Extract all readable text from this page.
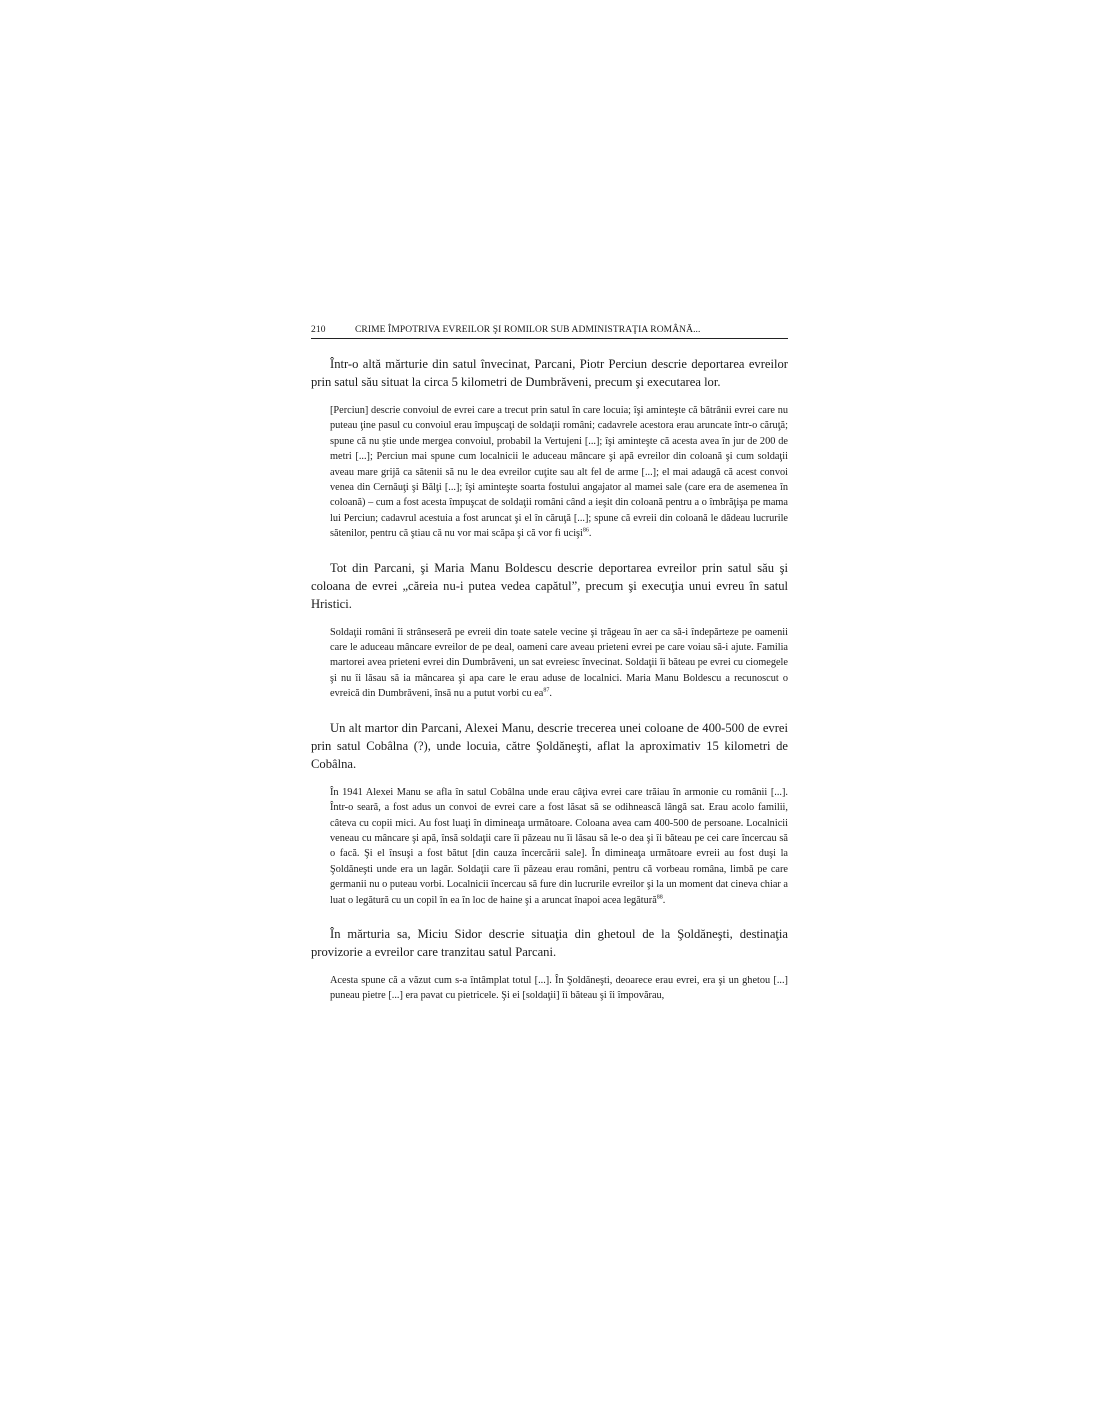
210	CRIME ÎMPOTRIVA EVREILOR ŞI ROMILOR SUB ADMINISTRAŢIA ROMÂNĂ...

Într-o altă mărturie din satul învecinat, Parcani, Piotr Perciun descrie deportarea evreilor prin satul său situat la circa 5 kilometri de Dumbrăveni, precum şi executarea lor.

[Perciun] descrie convoiul de evrei care a trecut prin satul în care locuia; îşi aminteşte că bătrânii evrei care nu puteau ţine pasul cu convoiul erau împuşcaţi de soldaţii români; cadavrele acestora erau aruncate într-o căruţă; spune că nu ştie unde mergea convoiul, probabil la Vertujeni [...]; îşi aminteşte că acesta avea în jur de 200 de metri [...]; Perciun mai spune cum localnicii le aduceau mâncare şi apă evreilor din coloană şi cum soldaţii aveau mare grijă ca sătenii să nu le dea evreilor cuţite sau alt fel de arme [...]; el mai adaugă că acest convoi venea din Cernăuţi şi Bălţi [...]; îşi aminteşte soarta fostului angajator al mamei sale (care era de asemenea în coloană) – cum a fost acesta împuşcat de soldaţii români când a ieşit din coloană pentru a o îmbrăţişa pe mama lui Perciun; cadavrul acestuia a fost aruncat şi el în căruţă [...]; spune că evreii din coloană le dădeau lucrurile sătenilor, pentru că ştiau că nu vor mai scăpa şi că vor fi ucişi$^{86}$.

Tot din Parcani, şi Maria Manu Boldescu descrie deportarea evreilor prin satul său şi coloana de evrei „căreia nu-i putea vedea capătul”, precum şi execuţia unui evreu în satul Hristici.

Soldaţii români îi strânseseră pe evreii din toate satele vecine şi trăgeau în aer ca să-i îndepărteze pe oamenii care le aduceau mâncare evreilor de pe deal, oameni care aveau prieteni evrei pe care voiau să-i ajute. Familia martorei avea prieteni evrei din Dumbrăveni, un sat evreiesc învecinat. Soldaţii îi băteau pe evrei cu ciomegele şi nu îi lăsau să ia mâncarea şi apa care le erau aduse de localnici. Maria Manu Boldescu a recunoscut o evreică din Dumbrăveni, însă nu a putut vorbi cu $ea^{87}$.

Un alt martor din Parcani, Alexei Manu, descrie trecerea unei coloane de 400-500 de evrei prin satul Cobâlna (?), unde locuia, către Şoldăneşti, aflat la aproximativ 15 kilometri de Cobâlna.

În 1941 Alexei Manu se afla în satul Cobâlna unde erau câţiva evrei care trăiau în armonie cu românii [...]. Într-o seară, a fost adus un convoi de evrei care a fost lăsat să se odihnească lângă sat. Erau acolo familii, câteva cu copii mici. Au fost luaţi în dimineaţa următoare. Coloana avea cam 400-500 de persoane. Localnicii veneau cu mâncare şi apă, însă soldaţii care îi păzeau nu îi lăsau să le-o dea şi îi băteau pe cei care încercau să o facă. Şi el însuşi a fost bătut [din cauza încercării sale]. În dimineaţa următoare evreii au fost duşi la Şoldăneşti unde era un lagăr. Soldaţii care îi păzeau erau români, pentru că vorbeau româna, limbă pe care germanii nu o puteau vorbi. Localnicii încercau să fure din lucrurile evreilor şi la un moment dat cineva chiar a luat o legătură cu un copil în ea în loc de haine şi a aruncat înapoi acea legătură$^{88}$.

În mărturia sa, Miciu Sidor descrie situaţia din ghetoul de la Şoldăneşti, destinaţia provizorie a evreilor care tranzitau satul Parcani.

Acesta spune că a văzut cum s-a întâmplat totul [...]. În Şoldăneşti, deoarece erau evrei, era şi un ghetou [...] puneau pietre [...] era pavat cu pietricele. Şi ei [soldaţii] îi băteau şi îi împovărau,
